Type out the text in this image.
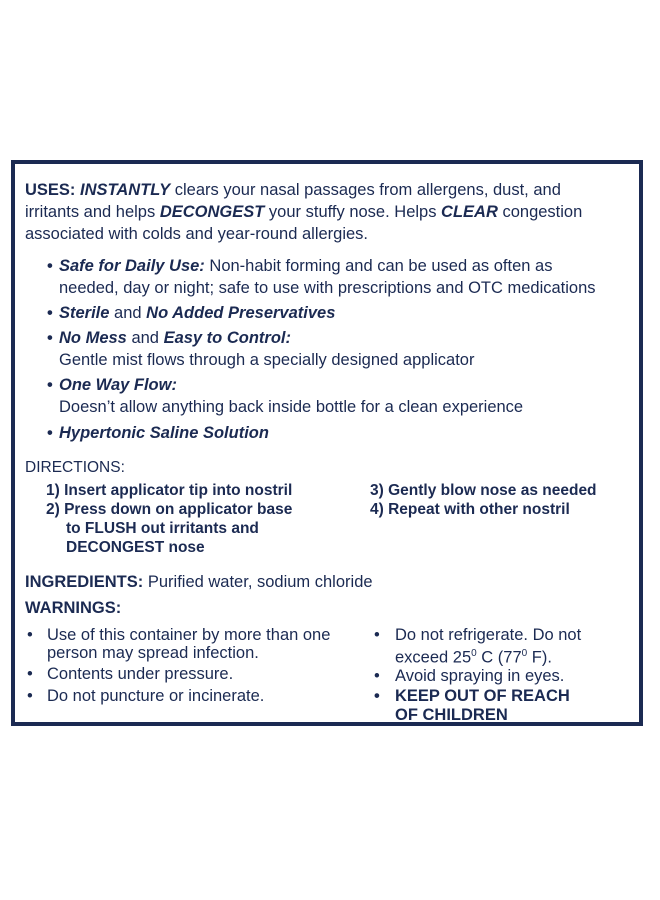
USES: INSTANTLY clears your nasal passages from allergens, dust, and
irritants and helps DECONGEST your stuffy nose. Helps CLEAR congestion
associated with colds and year-round allergies.
• Safe for Daily Use: Non-habit forming and can be used as often as
needed, day or night; safe to use with prescriptions and OTC medications
• Sterile and No Added Preservatives
• No Mess and Easy to Control:
Gentle mist flows through a specially designed applicator
• One Way Flow:
Doesn’t allow anything back inside bottle for a clean experience
• Hypertonic Saline Solution
DIRECTIONS:
1) Insert applicator tip into nostril
2) Press down on applicator base
to FLUSH out irritants and
DECONGEST nose
3) Gently blow nose as needed
4) Repeat with other nostril
INGREDIENTS: Purified water, sodium chloride
WARNINGS:
• Use of this container by more than one
person may spread infection.
• Contents under pressure.
• Do not puncture or incinerate.
• Do not refrigerate. Do not
exceed $25^0$ C ($77^0$ F).
• Avoid spraying in eyes.
• KEEP OUT OF REACH
OF CHILDREN
